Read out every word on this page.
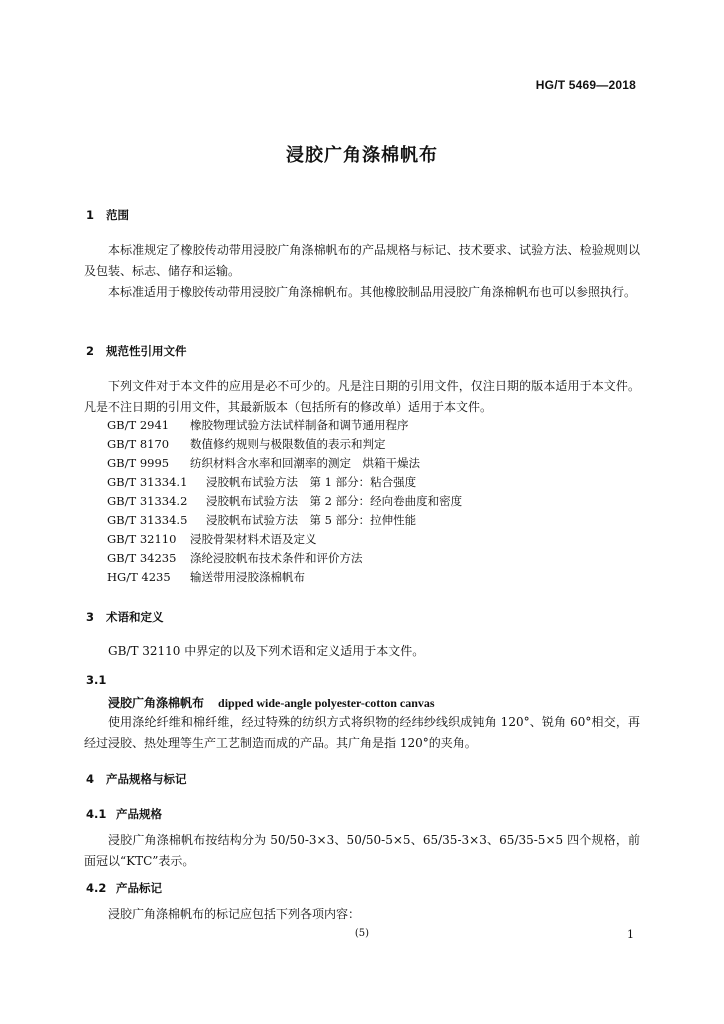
HG/T 5469—2018
浸胶广角涤棉帆布
1 范围
本标准规定了橡胶传动带用浸胶广角涤棉帆布的产品规格与标记、技术要求、试验方法、检验规则以及包装、标志、储存和运输。
本标准适用于橡胶传动带用浸胶广角涤棉帆布。其他橡胶制品用浸胶广角涤棉帆布也可以参照执行。
2 规范性引用文件
下列文件对于本文件的应用是必不可少的。凡是注日期的引用文件，仅注日期的版本适用于本文件。凡是不注日期的引用文件，其最新版本（包括所有的修改单）适用于本文件。
GB/T 2941 橡胶物理试验方法试样制备和调节通用程序
GB/T 8170 数值修约规则与极限数值的表示和判定
GB/T 9995 纺织材料含水率和回潮率的测定　烘箱干燥法
GB/T 31334.1 浸胶帆布试验方法　第 1 部分：粘合强度
GB/T 31334.2 浸胶帆布试验方法　第 2 部分：经向卷曲度和密度
GB/T 31334.5 浸胶帆布试验方法　第 5 部分：拉伸性能
GB/T 32110 浸胶骨架材料术语及定义
GB/T 34235 涤纶浸胶帆布技术条件和评价方法
HG/T 4235 输送带用浸胶涤棉帆布
3 术语和定义
GB/T 32110 中界定的以及下列术语和定义适用于本文件。
3.1
浸胶广角涤棉帆布 dipped wide-angle polyester-cotton canvas
使用涤纶纤维和棉纤维，经过特殊的纺织方式将织物的经纬纱线织成钝角 120°、锐角 60°相交，再经过浸胶、热处理等生产工艺制造而成的产品。其广角是指 120°的夹角。
4 产品规格与标记
4.1 产品规格
浸胶广角涤棉帆布按结构分为 50/50-3×3、50/50-5×5、65/35-3×3、65/35-5×5 四个规格，前面冠以“KTC”表示。
4.2 产品标记
浸胶广角涤棉帆布的标记应包括下列各项内容：
(5)	1
